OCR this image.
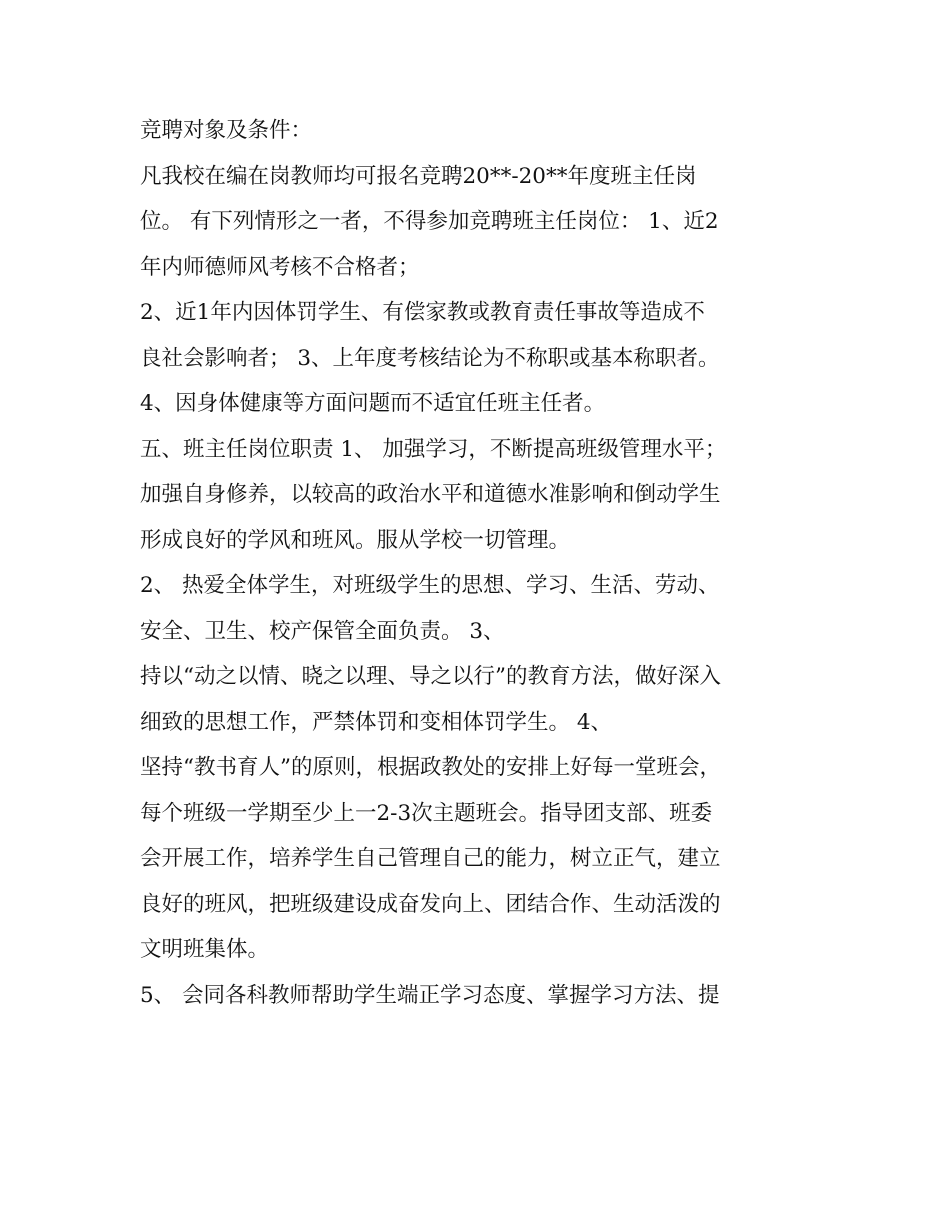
竞聘对象及条件：
凡我校在编在岗教师均可报名竞聘20**-20**年度班主任岗
位。 有下列情形之一者，不得参加竞聘班主任岗位： 1、近2
年内师德师风考核不合格者；
2、近1年内因体罚学生、有偿家教或教育责任事故等造成不
良社会影响者； 3、上年度考核结论为不称职或基本称职者。
4、因身体健康等方面问题而不适宜任班主任者。
五、班主任岗位职责 1、 加强学习，不断提高班级管理水平；
加强自身修养，以较高的政治水平和道德水准影响和倒动学生
形成良好的学风和班风。服从学校一切管理。
2、 热爱全体学生，对班级学生的思想、学习、生活、劳动、
安全、卫生、校产保管全面负责。 3、
持以“动之以情、晓之以理、导之以行”的教育方法，做好深入
细致的思想工作，严禁体罚和变相体罚学生。 4、
坚持“教书育人”的原则，根据政教处的安排上好每一堂班会，
每个班级一学期至少上一2-3次主题班会。指导团支部、班委
会开展工作，培养学生自己管理自己的能力，树立正气，建立
良好的班风，把班级建设成奋发向上、团结合作、生动活泼的
文明班集体。
5、 会同各科教师帮助学生端正学习态度、掌握学习方法、提
